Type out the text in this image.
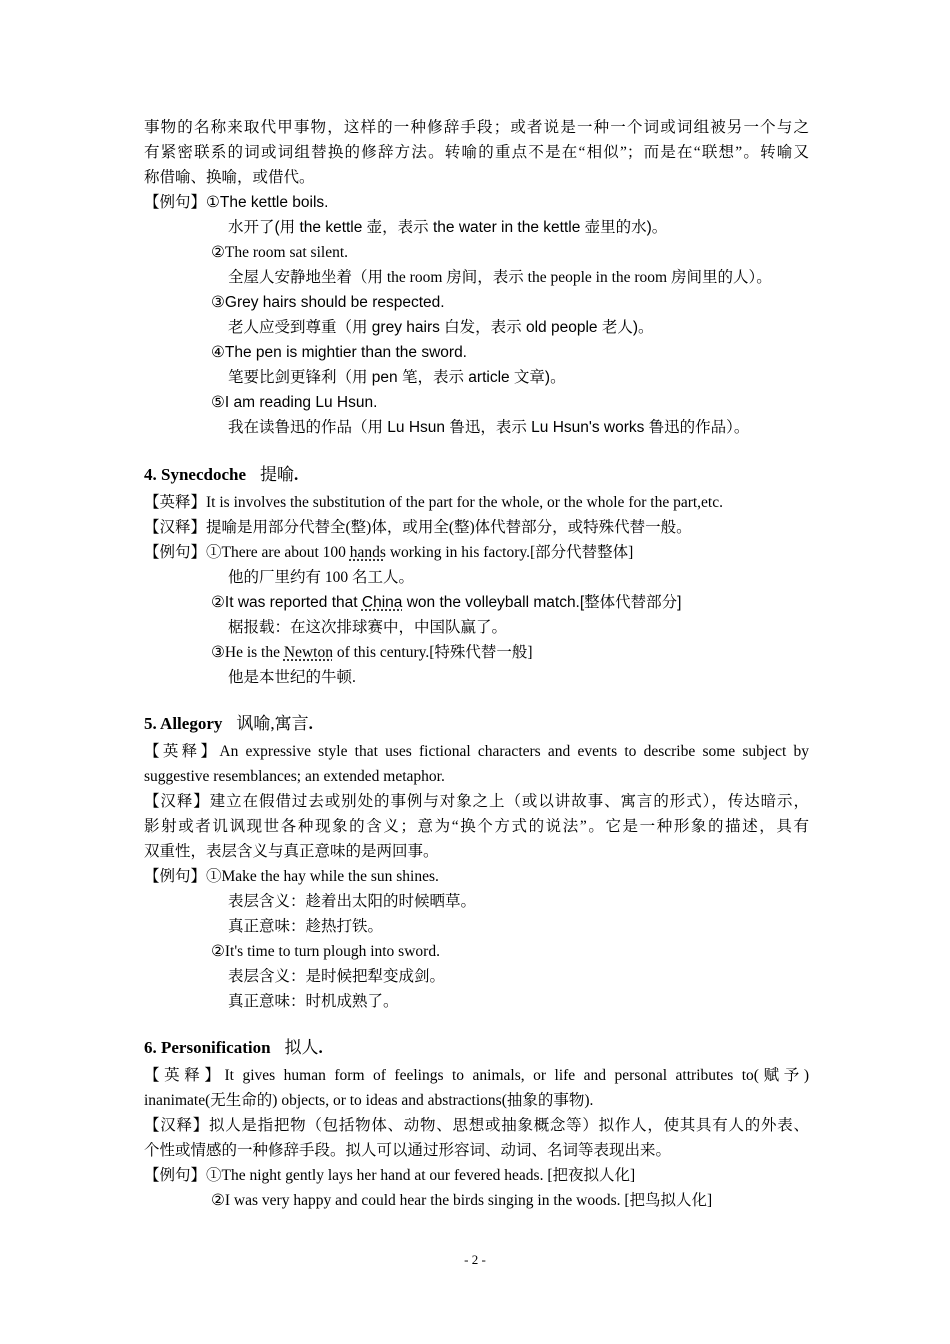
事物的名称来取代甲事物，这样的一种修辞手段；或者说是一种一个词或词组被另一个与之
有紧密联系的词或词组替换的修辞方法。转喻的重点不是在“相似”；而是在“联想”。转喻又
称借喻、换喻，或借代。
【例句】①The kettle boils.
水开了(用 the kettle 壶，表示 the water in the kettle 壶里的水)。
②The room sat silent.
全屋人安静地坐着（用 the room 房间，表示 the people in the room 房间里的人）。
③Grey hairs should be respected.
老人应受到尊重（用 grey hairs 白发，表示 old people 老人)。
④The pen is mightier than the sword.
笔要比剑更锋利（用 pen 笔，表示 article 文章)。
⑤I am reading Lu Hsun.
我在读鲁迅的作品（用 Lu Hsun 鲁迅，表示 Lu Hsun's works 鲁迅的作品）。
4. Synecdoche 提喻.
【英释】It is involves the substitution of the part for the whole, or the whole for the part,etc.
【汉释】提喻是用部分代替全(整)体，或用全(整)体代替部分，或特殊代替一般。
【例句】①There are about 100 hands working in his factory.[部分代替整体]
他的厂里约有 100 名工人。
②It was reported that China won the volleyball match.[整体代替部分]
椐报载：在这次排球赛中，中国队赢了。
③He is the Newton of this century.[特殊代替一般]
他是本世纪的牛顿.
5. Allegory 讽喻,寓言.
【英释】An expressive style that uses fictional characters and events to describe some subject by
suggestive resemblances; an extended metaphor.
【汉释】建立在假借过去或别处的事例与对象之上（或以讲故事、寓言的形式），传达暗示，
影射或者讥讽现世各种现象的含义；意为“换个方式的说法”。它是一种形象的描述，具有
双重性，表层含义与真正意味的是两回事。
【例句】①Make the hay while the sun shines.
表层含义：趁着出太阳的时候晒草。
真正意味：趁热打铁。
②It's time to turn plough into sword.
表层含义：是时候把犁变成剑。
真正意味：时机成熟了。
6. Personification 拟人.
【英释】It gives human form of feelings to animals, or life and personal attributes to(赋予)
inanimate(无生命的) objects, or to ideas and abstractions(抽象的事物).
【汉释】拟人是指把物（包括物体、动物、思想或抽象概念等）拟作人，使其具有人的外表、
个性或情感的一种修辞手段。拟人可以通过形容词、动词、名词等表现出来。
【例句】①The night gently lays her hand at our fevered heads. [把夜拟人化]
②I was very happy and could hear the birds singing in the woods. [把鸟拟人化]
- 2 -
